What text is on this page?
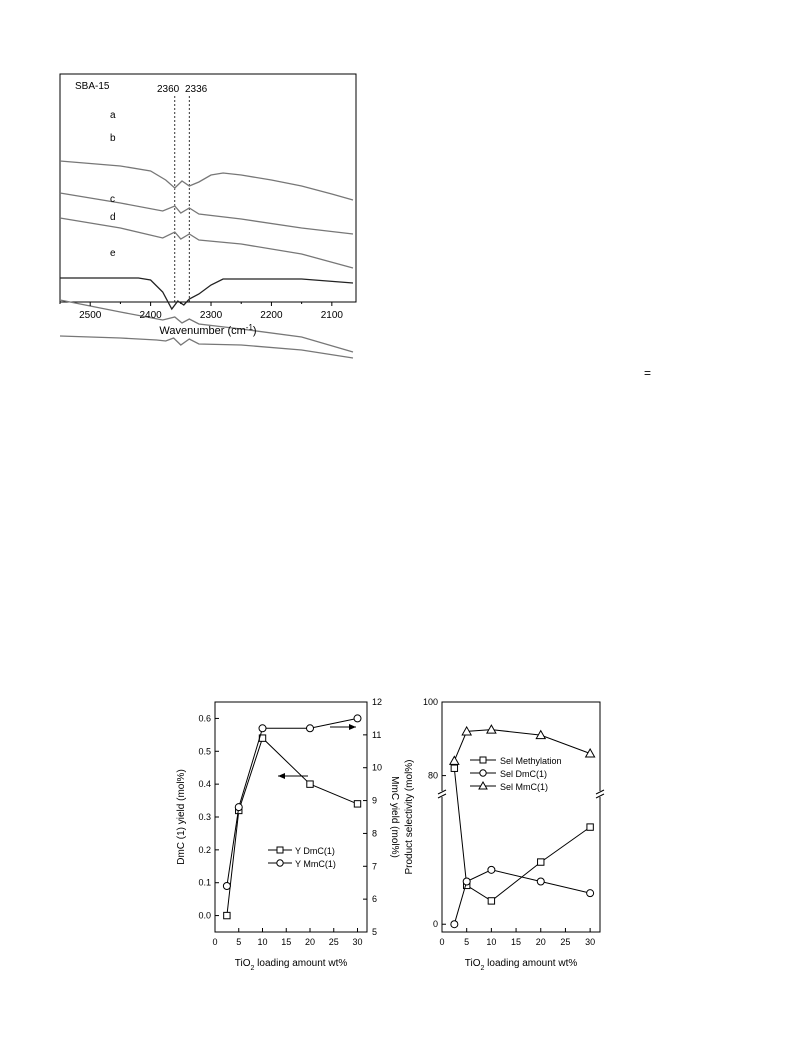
2500	2400	2300	2200	2100
SBA-15
a
b
c
d
e
2360 2336
Wavenumber $(cm^{-1})$
=
0 5 10 15 20 25 30
0.0
0.1
0.2
0.3
0.4
0.5
0.6
5
6
7
8
9
10
11
12
DmC (1) yield (mol%)	MmC yield (mol%)
TiO$_2$ loading amount wt%
Y DmC(1)
Y MmC(1)
0 5 10 15 20 25 30
80
100
0
Product selectivity (mol%)
TiO$_2$ loading amount wt%
Sel Methylation
Sel DmC(1)
Sel MmC(1)
